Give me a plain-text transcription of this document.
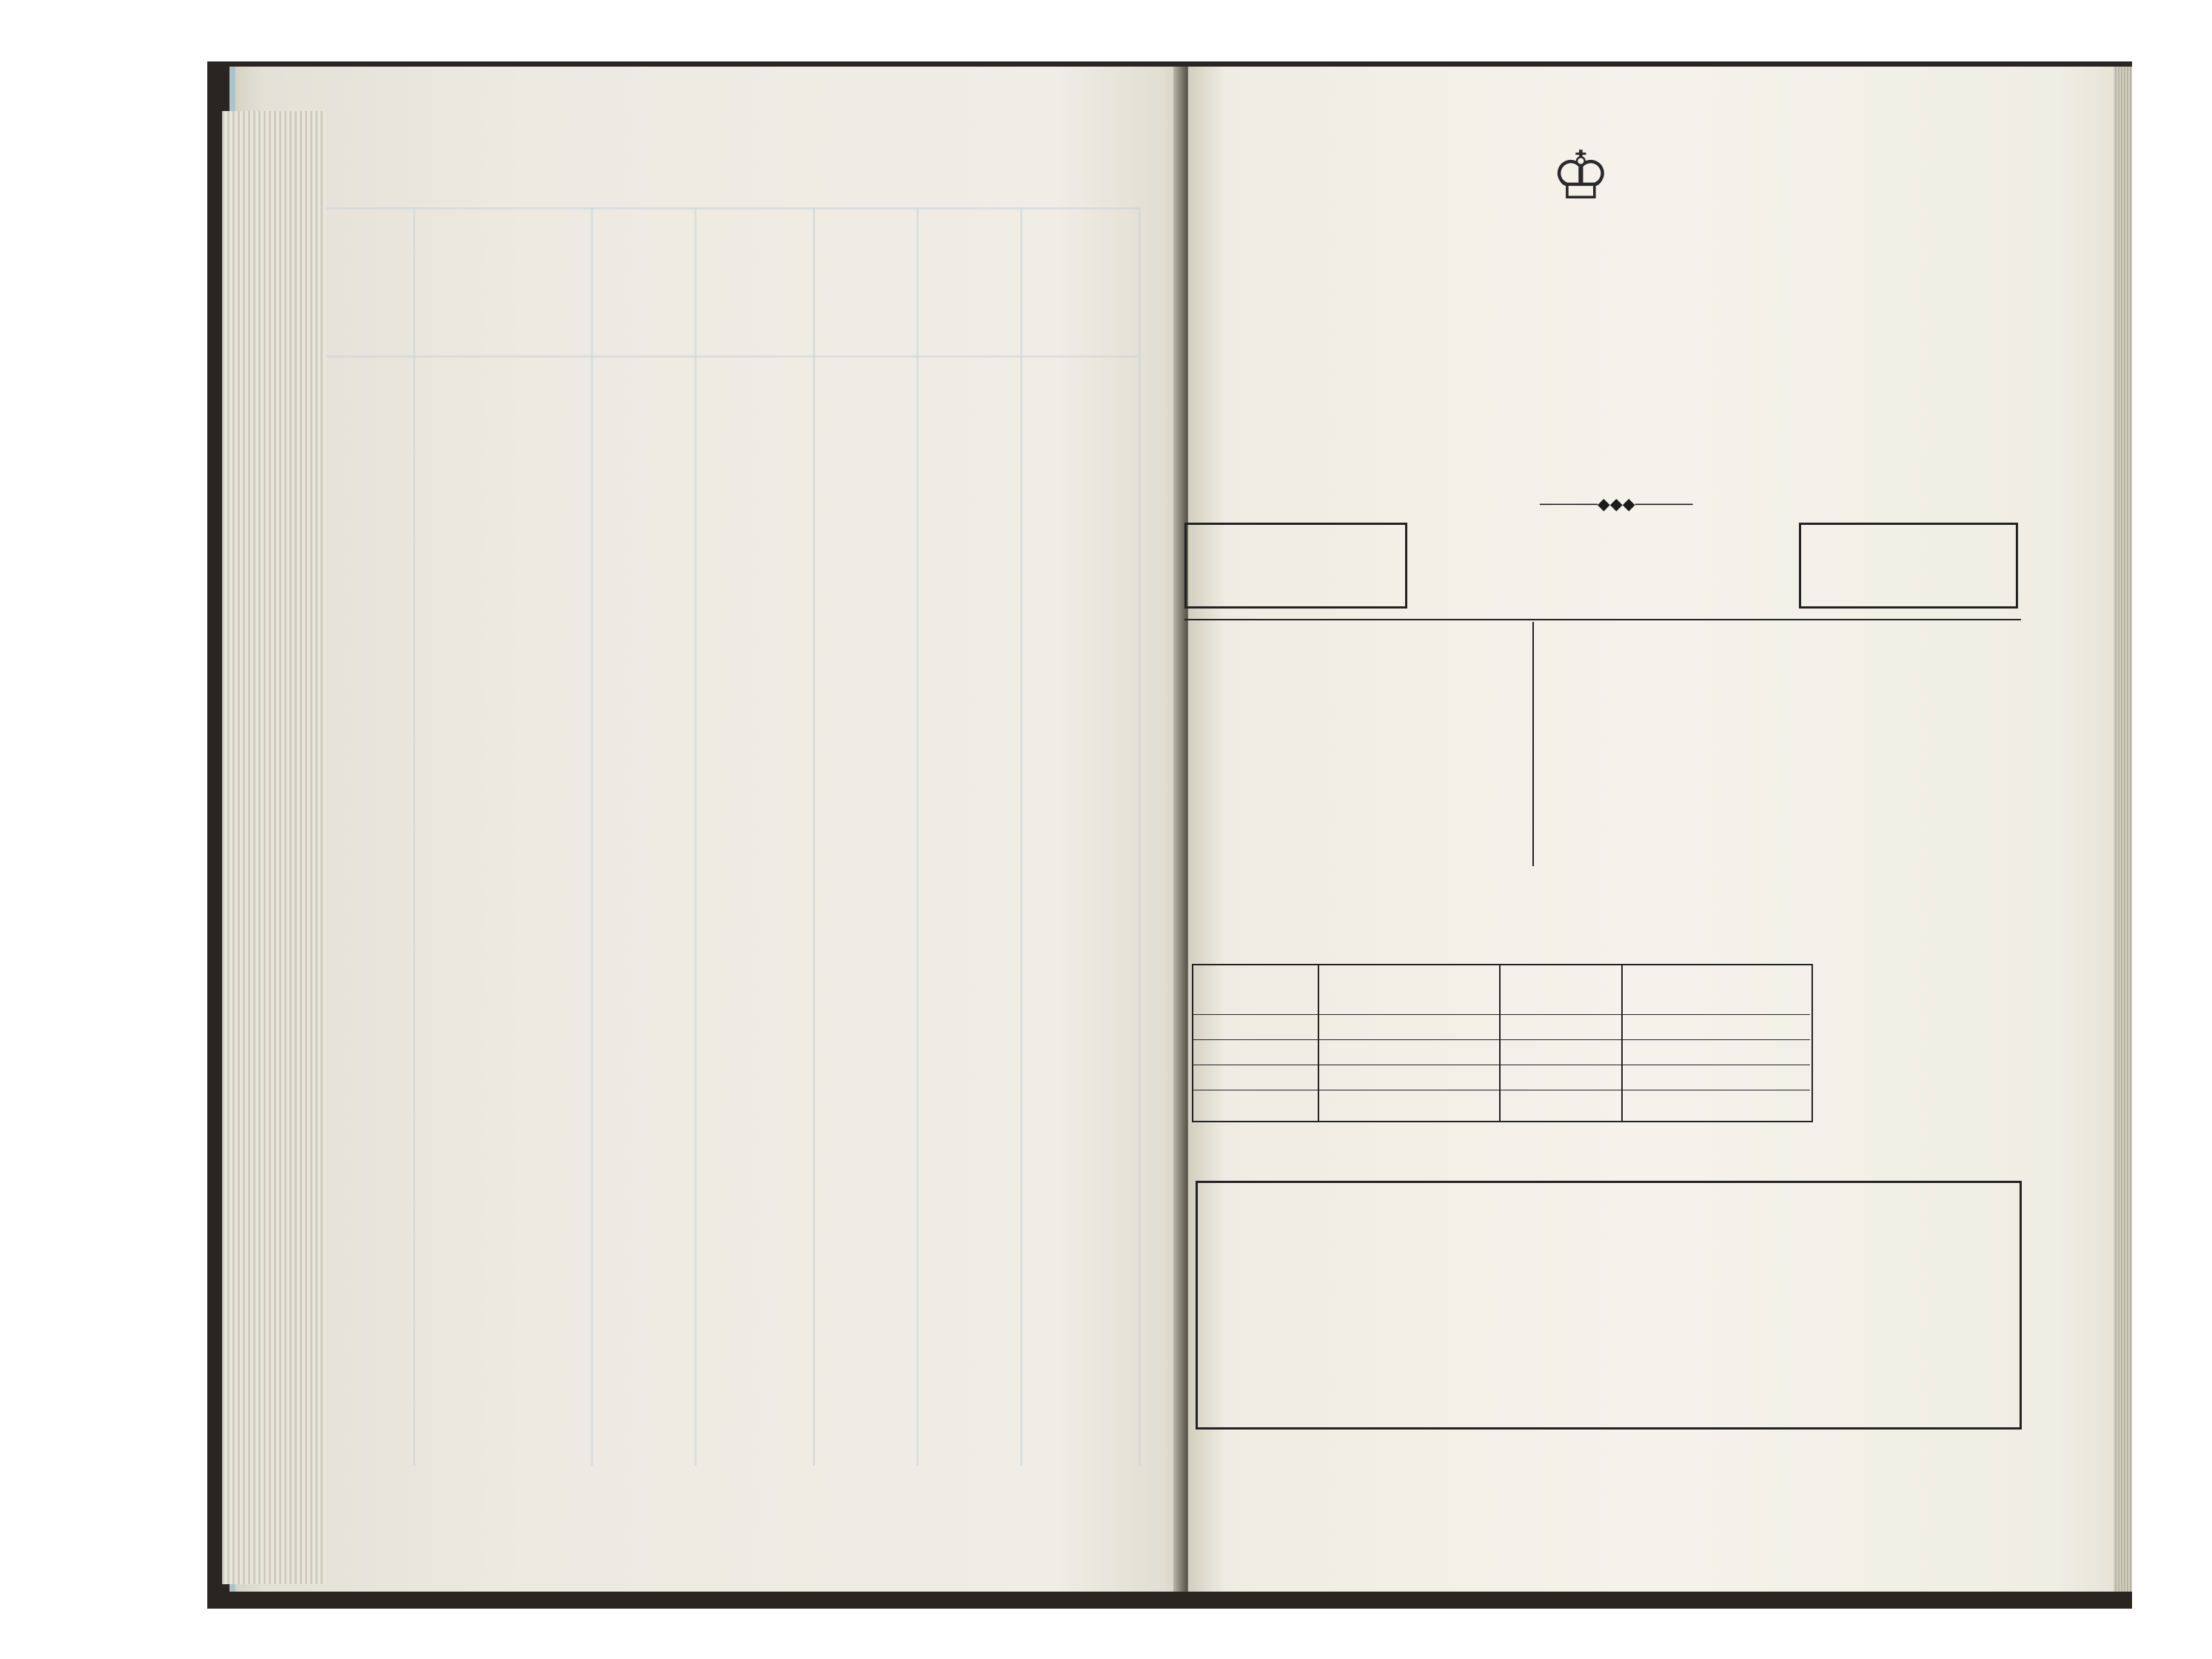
♔
─────◆◆◆─────
